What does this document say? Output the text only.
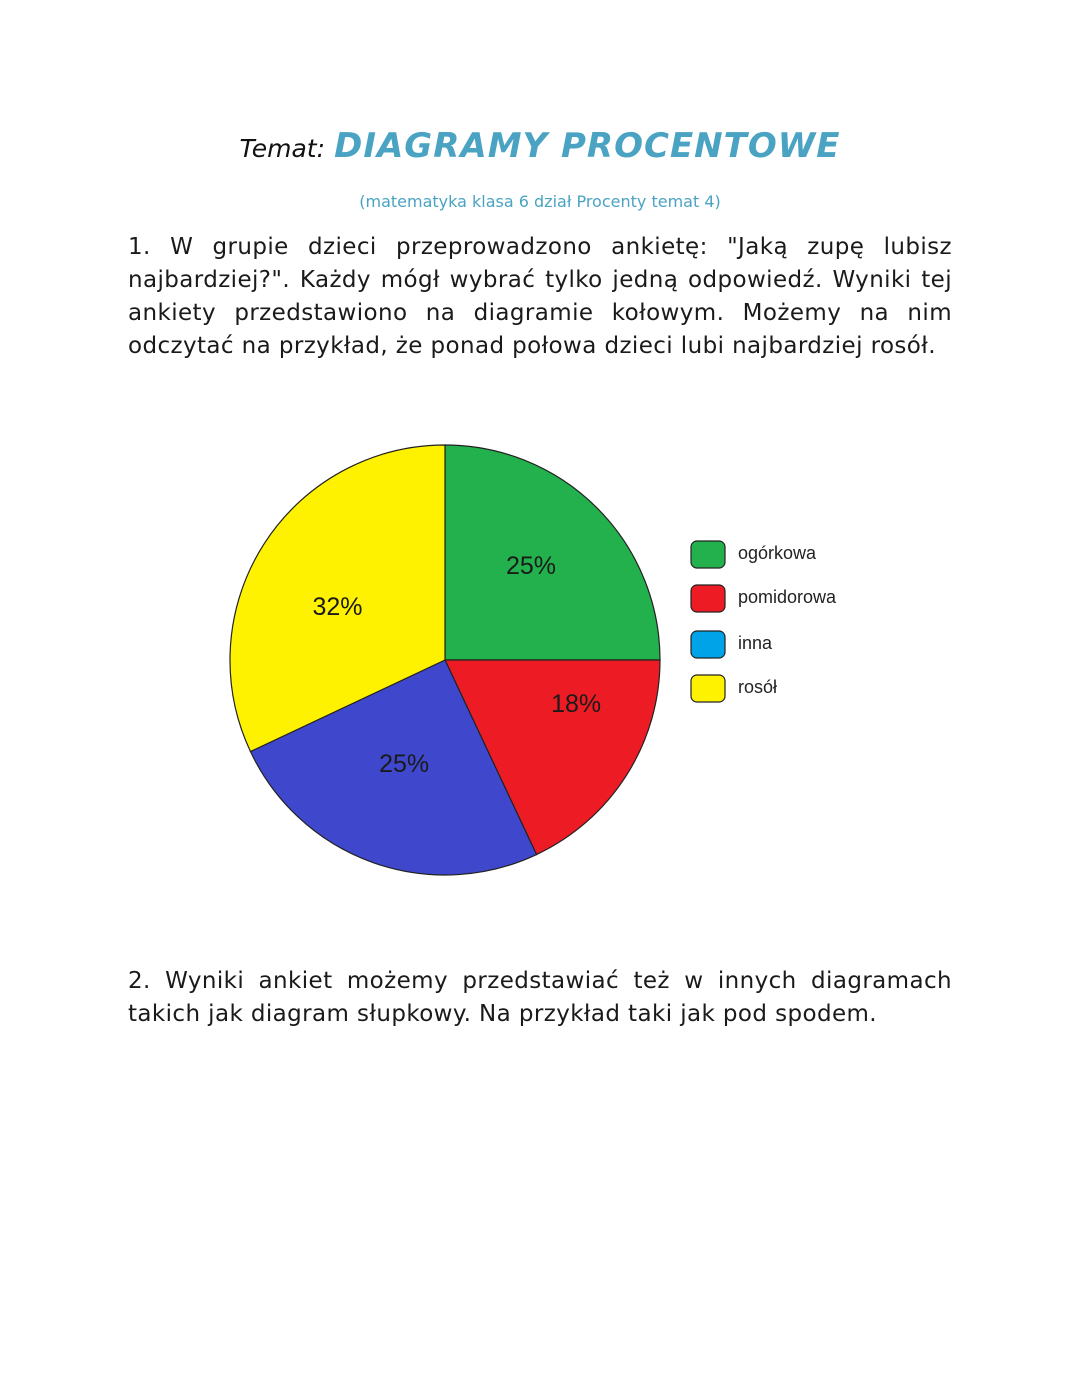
Temat: DIAGRAMY PROCENTOWE
(matematyka klasa 6 dział Procenty temat 4)
1. W grupie dzieci przeprowadzono ankietę: "Jaką zupę lubisz najbardziej?". Każdy mógł wybrać tylko jedną odpowiedź. Wyniki tej ankiety przedstawiono na diagramie kołowym. Możemy na nim odczytać na przykład, że ponad połowa dzieci lubi najbardziej rosół.
25%
18%
25%
32%
ogórkowa
pomidorowa
inna
rosół
2. Wyniki ankiet możemy przedstawiać też w innych diagramach takich jak diagram słupkowy. Na przykład taki jak pod spodem.
